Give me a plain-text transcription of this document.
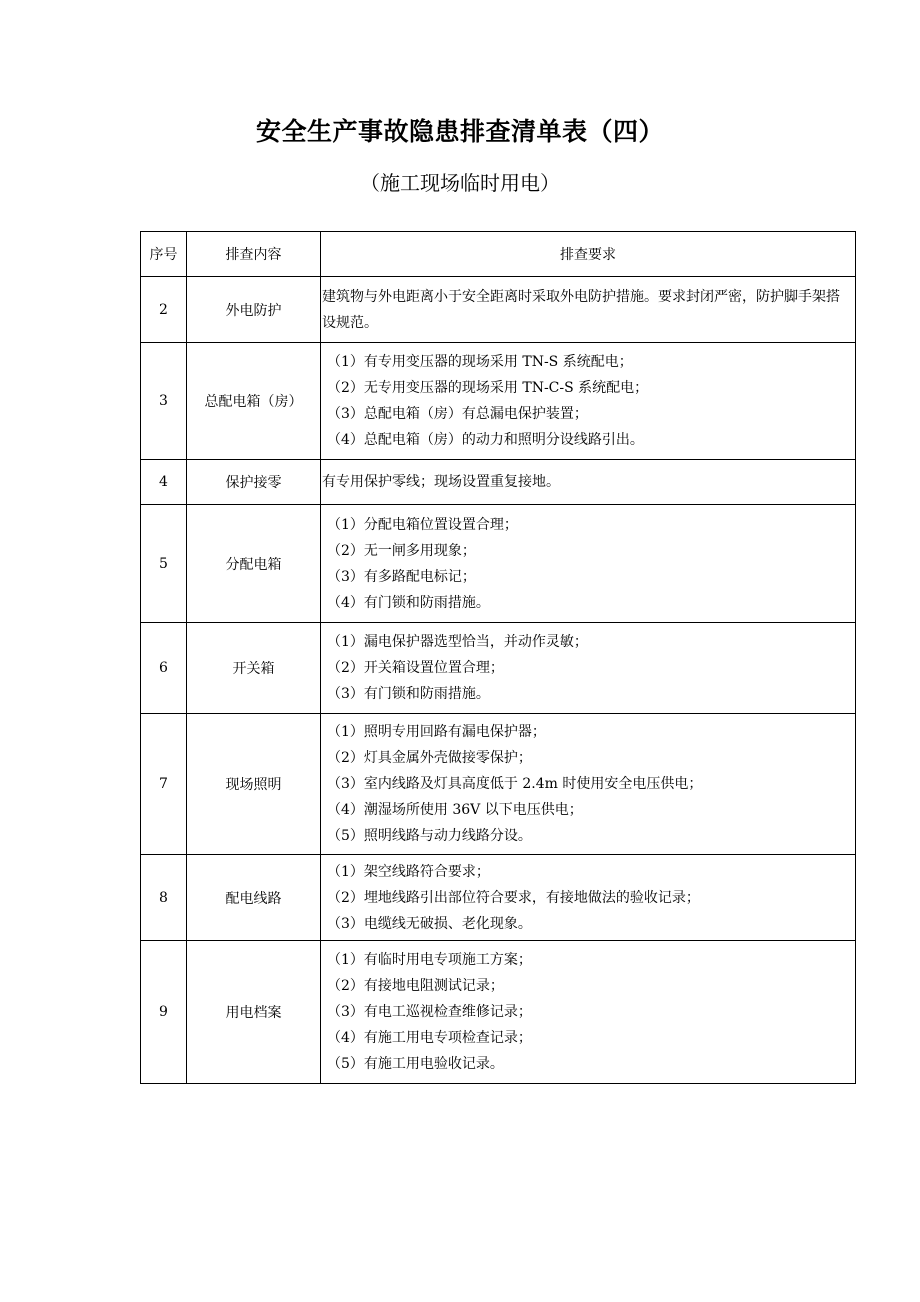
安全生产事故隐患排查清单表（四）
（施工现场临时用电）
序号	排查内容	排查要求
2	外电防护	建筑物与外电距离小于安全距离时采取外电防护措施。要求封闭严密，防护脚手架搭设规范。

3	总配电箱（房）	（1）有专用变压器的现场采用 TN-S 系统配电；
（2）无专用变压器的现场采用 TN-C-S 系统配电；
（3）总配电箱（房）有总漏电保护装置；
（4）总配电箱（房）的动力和照明分设线路引出。

4	保护接零	有专用保护零线；现场设置重复接地。

5	分配电箱	（1）分配电箱位置设置合理；
（2）无一闸多用现象；
（3）有多路配电标记；
（4）有门锁和防雨措施。

6	开关箱	（1）漏电保护器选型恰当，并动作灵敏；
（2）开关箱设置位置合理；
（3）有门锁和防雨措施。

7	现场照明	（1）照明专用回路有漏电保护器；
（2）灯具金属外壳做接零保护；
（3）室内线路及灯具高度低于 2.4m 时使用安全电压供电；
（4）潮湿场所使用 36V 以下电压供电；
（5）照明线路与动力线路分设。

8	配电线路	（1）架空线路符合要求；
（2）埋地线路引出部位符合要求，有接地做法的验收记录；
（3）电缆线无破损、老化现象。

9	用电档案	（1）有临时用电专项施工方案；
（2）有接地电阻测试记录；
（3）有电工巡视检查维修记录；
（4）有施工用电专项检查记录；
（5）有施工用电验收记录。
